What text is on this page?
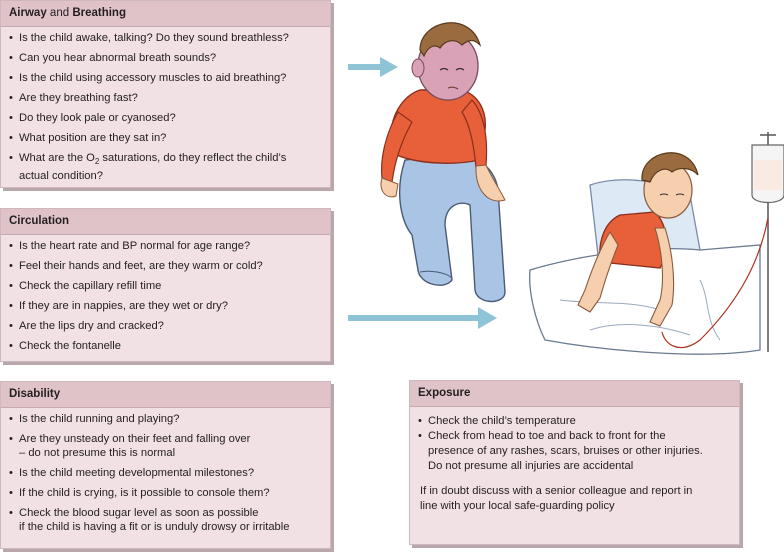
Airway and Breathing
• Is the child awake, talking? Do they sound breathless?
• Can you hear abnormal breath sounds?
• Is the child using accessory muscles to aid breathing?
• Are they breathing fast?
• Do they look pale or cyanosed?
• What position are they sat in?
• What are the $O_2$ saturations, do they reflect the child’s
actual condition?
Circulation
• Is the heart rate and BP normal for age range?
• Feel their hands and feet, are they warm or cold?
• Check the capillary refill time
• If they are in nappies, are they wet or dry?
• Are the lips dry and cracked?
• Check the fontanelle
Disability
• Is the child running and playing?
• Are they unsteady on their feet and falling over
– do not presume this is normal
• Is the child meeting developmental milestones?
• If the child is crying, is it possible to console them?
• Check the blood sugar level as soon as possible
if the child is having a fit or is unduly drowsy or irritable
Exposure
• Check the child’s temperature
• Check from head to toe and back to front for the
presence of any rashes, scars, bruises or other injuries.
Do not presume all injuries are accidental
If in doubt discuss with a senior colleague and report in
line with your local safe-guarding policy
